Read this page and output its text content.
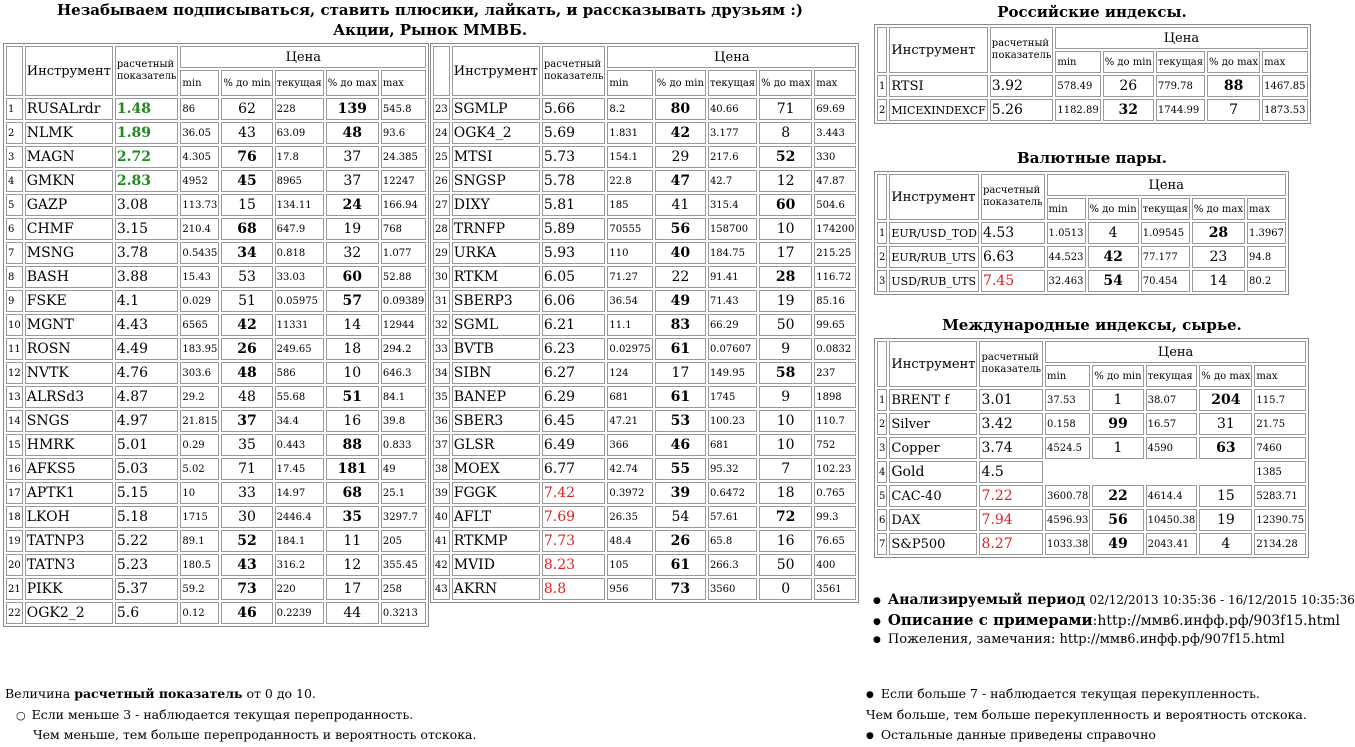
Незабываем подписываться, ставить плюсики, лайкать, и рассказывать друзьям :)
Акции, Рынок ММВБ.
	Инструмент	расчетный показатель	Цена				
			min	% до min	текущая	% до max	max
1	RUSALrdr	1.48	86	62	228	139	545.8
2	NLMK	1.89	36.05	43	63.09	48	93.6
3	MAGN	2.72	4.305	76	17.8	37	24.385
4	GMKN	2.83	4952	45	8965	37	12247
5	GAZP	3.08	113.73	15	134.11	24	166.94
6	CHMF	3.15	210.4	68	647.9	19	768
7	MSNG	3.78	0.5435	34	0.818	32	1.077
8	BASH	3.88	15.43	53	33.03	60	52.88
9	FSKE	4.1	0.029	51	0.05975	57	0.09389
10	MGNT	4.43	6565	42	11331	14	12944
11	ROSN	4.49	183.95	26	249.65	18	294.2
12	NVTK	4.76	303.6	48	586	10	646.3
13	ALRSd3	4.87	29.2	48	55.68	51	84.1
14	SNGS	4.97	21.815	37	34.4	16	39.8
15	HMRK	5.01	0.29	35	0.443	88	0.833
16	AFKS5	5.03	5.02	71	17.45	181	49
17	APTK1	5.15	10	33	14.97	68	25.1
18	LKOH	5.18	1715	30	2446.4	35	3297.7
19	TATNP3	5.22	89.1	52	184.1	11	205
20	TATN3	5.23	180.5	43	316.2	12	355.45
21	PIKK	5.37	59.2	73	220	17	258
22	OGK2_2	5.6	0.12	46	0.2239	44	0.3213
	Инструмент	расчетный показатель	Цена				
			min	% до min	текущая	% до max	max
23	SGMLP	5.66	8.2	80	40.66	71	69.69
24	OGK4_2	5.69	1.831	42	3.177	8	3.443
25	MTSI	5.73	154.1	29	217.6	52	330
26	SNGSP	5.78	22.8	47	42.7	12	47.87
27	DIXY	5.81	185	41	315.4	60	504.6
28	TRNFP	5.89	70555	56	158700	10	174200
29	URKA	5.93	110	40	184.75	17	215.25
30	RTKM	6.05	71.27	22	91.41	28	116.72
31	SBERP3	6.06	36.54	49	71.43	19	85.16
32	SGML	6.21	11.1	83	66.29	50	99.65
33	BVTB	6.23	0.02975	61	0.07607	9	0.0832
34	SIBN	6.27	124	17	149.95	58	237
35	BANEP	6.29	681	61	1745	9	1898
36	SBER3	6.45	47.21	53	100.23	10	110.7
37	GLSR	6.49	366	46	681	10	752
38	MOEX	6.77	42.74	55	95.32	7	102.23
39	FGGK	7.42	0.3972	39	0.6472	18	0.765
40	AFLT	7.69	26.35	54	57.61	72	99.3
41	RTKMP	7.73	48.4	26	65.8	16	76.65
42	MVID	8.23	105	61	266.3	50	400
43	AKRN	8.8	956	73	3560	0	3561
Российские индексы.
	Инструмент	расчетный показатель	Цена				
			min	% до min	текущая	% до max	max
1	RTSI	3.92	578.49	26	779.78	88	1467.85
2	MICEXINDEXCF	5.26	1182.89	32	1744.99	7	1873.53
Валютные пары.
	Инструмент	расчетный показатель	Цена				
			min	% до min	текущая	% до max	max
1	EUR/USD_TOD	4.53	1.0513	4	1.09545	28	1.3967
2	EUR/RUB_UTS	6.63	44.523	42	77.177	23	94.8
3	USD/RUB_UTS	7.45	32.463	54	70.454	14	80.2
Международные индексы, сырье.
	Инструмент	расчетный показатель	Цена				
			min	% до min	текущая	% до max	max
1	BRENT f	3.01	37.53	1	38.07	204	115.7
2	Silver	3.42	0.158	99	16.57	31	21.75
3	Copper	3.74	4524.5	1	4590	63	7460
4	Gold	4.5					1385
5	CAC-40	7.22	3600.78	22	4614.4	15	5283.71
6	DAX	7.94	4596.93	56	10450.38	19	12390.75
7	S&P500	8.27	1033.38	49	2043.41	4	2134.28
● Анализируемый период 02/12/2013 10:35:36 - 16/12/2015 10:35:36
● Описание с примерами:http://ммв6.инфф.рф/903f15.html
● Пожеления, замечания: http://ммв6.инфф.рф/907f15.html
Величина расчетный показатель от 0 до 10.
○ Если меньше 3 - наблюдается текущая перепроданность.
Чем меньше, тем больше перепроданность и вероятность отскока.
● Если больше 7 - наблюдается текущая перекупленность.
Чем больше, тем больше перекупленность и вероятность отскока.
● Остальные данные приведены справочно
